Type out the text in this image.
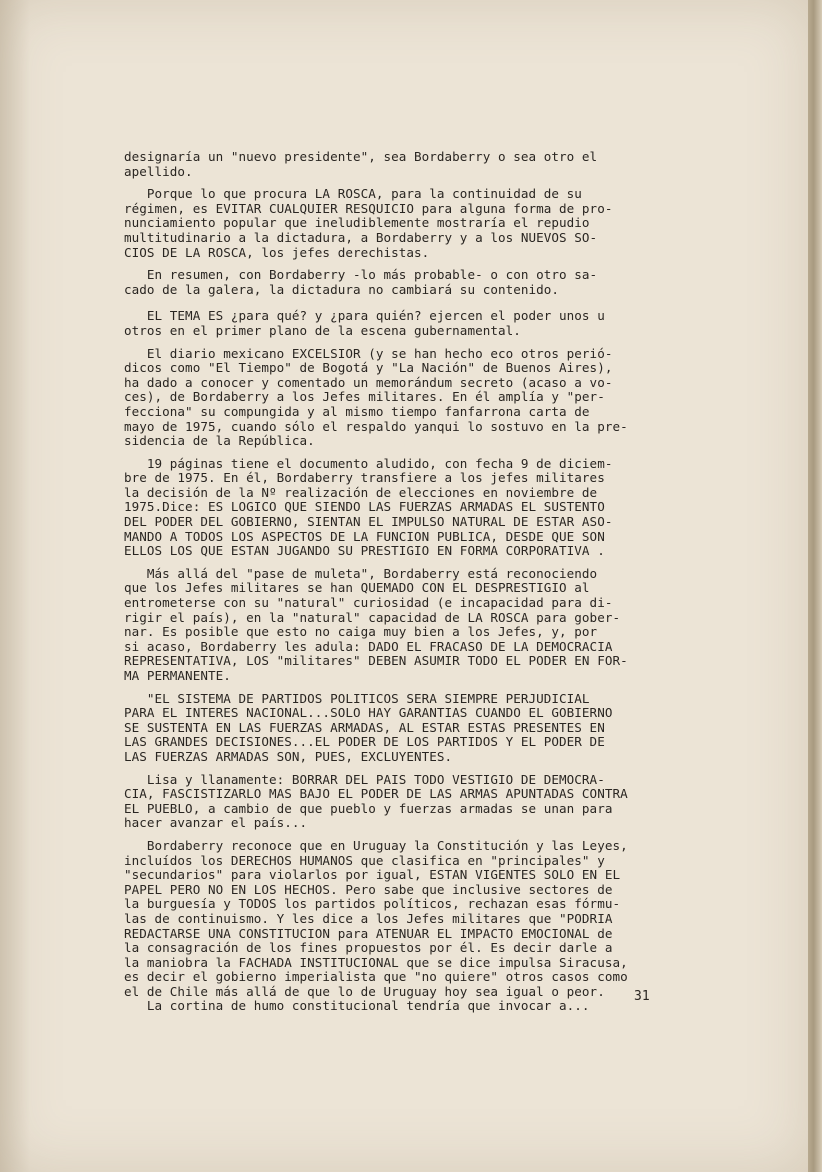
designaría un "nuevo presidente", sea Bordaberry o sea otro el
apellido.
Porque lo que procura LA ROSCA, para la continuidad de su
régimen, es EVITAR CUALQUIER RESQUICIO para alguna forma de pro-
nunciamiento popular que ineludiblemente mostraría el repudio
multitudinario a la dictadura, a Bordaberry y a los NUEVOS SO-
CIOS DE LA ROSCA, los jefes derechistas.
En resumen, con Bordaberry -lo más probable- o con otro sa-
cado de la galera, la dictadura no cambiará su contenido.
EL TEMA ES ¿para qué? y ¿para quién? ejercen el poder unos u
otros en el primer plano de la escena gubernamental.
El diario mexicano EXCELSIOR (y se han hecho eco otros perió-
dicos como "El Tiempo" de Bogotá y "La Nación" de Buenos Aires),
ha dado a conocer y comentado un memorándum secreto (acaso a vo-
ces), de Bordaberry a los Jefes militares. En él amplía y "per-
fecciona" su compungida y al mismo tiempo fanfarrona carta de
mayo de 1975, cuando sólo el respaldo yanqui lo sostuvo en la pre-
sidencia de la República.
19 páginas tiene el documento aludido, con fecha 9 de diciem-
bre de 1975. En él, Bordaberry transfiere a los jefes militares
la decisión de la Nº realización de elecciones en noviembre de
1975.Dice: ES LOGICO QUE SIENDO LAS FUERZAS ARMADAS EL SUSTENTO
DEL PODER DEL GOBIERNO, SIENTAN EL IMPULSO NATURAL DE ESTAR ASO-
MANDO A TODOS LOS ASPECTOS DE LA FUNCION PUBLICA, DESDE QUE SON
ELLOS LOS QUE ESTAN JUGANDO SU PRESTIGIO EN FORMA CORPORATIVA .
Más allá del "pase de muleta", Bordaberry está reconociendo
que los Jefes militares se han QUEMADO CON EL DESPRESTIGIO al
entrometerse con su "natural" curiosidad (e incapacidad para di-
rigir el país), en la "natural" capacidad de LA ROSCA para gober-
nar. Es posible que esto no caiga muy bien a los Jefes, y, por
si acaso, Bordaberry les adula: DADO EL FRACASO DE LA DEMOCRACIA
REPRESENTATIVA, LOS "militares" DEBEN ASUMIR TODO EL PODER EN FOR-
MA PERMANENTE.
"EL SISTEMA DE PARTIDOS POLITICOS SERA SIEMPRE PERJUDICIAL
PARA EL INTERES NACIONAL...SOLO HAY GARANTIAS CUANDO EL GOBIERNO
SE SUSTENTA EN LAS FUERZAS ARMADAS, AL ESTAR ESTAS PRESENTES EN
LAS GRANDES DECISIONES...EL PODER DE LOS PARTIDOS Y EL PODER DE
LAS FUERZAS ARMADAS SON, PUES, EXCLUYENTES.
Lisa y llanamente: BORRAR DEL PAIS TODO VESTIGIO DE DEMOCRA-
CIA, FASCISTIZARLO MAS BAJO EL PODER DE LAS ARMAS APUNTADAS CONTRA
EL PUEBLO, a cambio de que pueblo y fuerzas armadas se unan para
hacer avanzar el país...
Bordaberry reconoce que en Uruguay la Constitución y las Leyes,
incluídos los DERECHOS HUMANOS que clasifica en "principales" y
"secundarios" para violarlos por igual, ESTAN VIGENTES SOLO EN EL
PAPEL PERO NO EN LOS HECHOS. Pero sabe que inclusive sectores de
la burguesía y TODOS los partidos políticos, rechazan esas fórmu-
las de continuismo. Y les dice a los Jefes militares que "PODRIA
REDACTARSE UNA CONSTITUCION para ATENUAR EL IMPACTO EMOCIONAL de
la consagración de los fines propuestos por él. Es decir darle a
la maniobra la FACHADA INSTITUCIONAL que se dice impulsa Siracusa,
es decir el gobierno imperialista que "no quiere" otros casos como
el de Chile más allá de que lo de Uruguay hoy sea igual o peor.
La cortina de humo constitucional tendría que invocar a...
31
